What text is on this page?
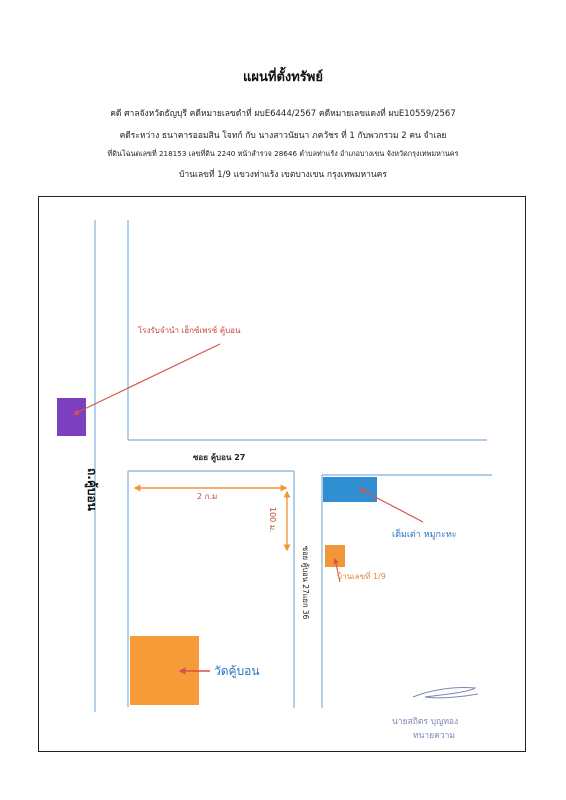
แผนที่ตั้งทรัพย์
คดี ศาลจังหวัดธัญบุรี คดีหมายเลขดำที่ ผบE6444/2567 คดีหมายเลขแดงที่ ผบE10559/2567
คดีระหว่าง ธนาคารออมสิน โจทก์ กับ นางสาวนัยนา ภควัชร ที่ 1 กับพวกรวม 2 คน จำเลย
ที่ดินโฉนดเลขที่ 218153 เลขที่ดิน 2240 หน้าสำรวจ 28646 ตำบลท่าแร้ง อำเภอบางเขน จังหวัดกรุงเทพมหานคร
บ้านเลขที่ 1/9 แขวงท่าแร้ง เขตบางเขน กรุงเทพมหานคร
โรงรับจำนำ เฮ็กซ์เพรซ์ คู้บอน
ถ.คู้บอน
ซอย คู้บอน 27
2 ก.ม
100 ม.
ซอย คู้บอน 27แยก 36
เต็มเต่า หมูกะทะ
บ้านเลขที่ 1/9
วัดคู้บอน
นายสถิตร บุญทอง
ทนายความ
